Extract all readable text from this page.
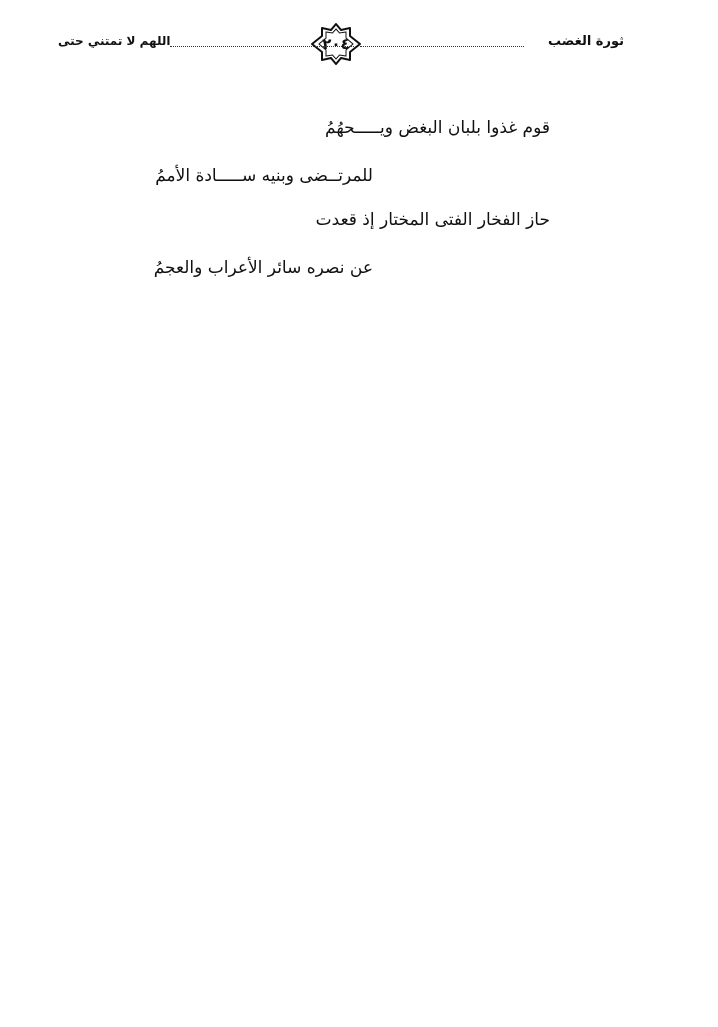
ثورة الغضب
٢٠٤
اللهم لا تمتني حتى
قوم غذوا بلبان البغض ويـــــحهُمُ
للمرتــضى وبنيه ســـــادة الأممُ
حاز الفخار الفتى المختار إذ قعدت
عن نصره سائر الأعراب والعجمُ
